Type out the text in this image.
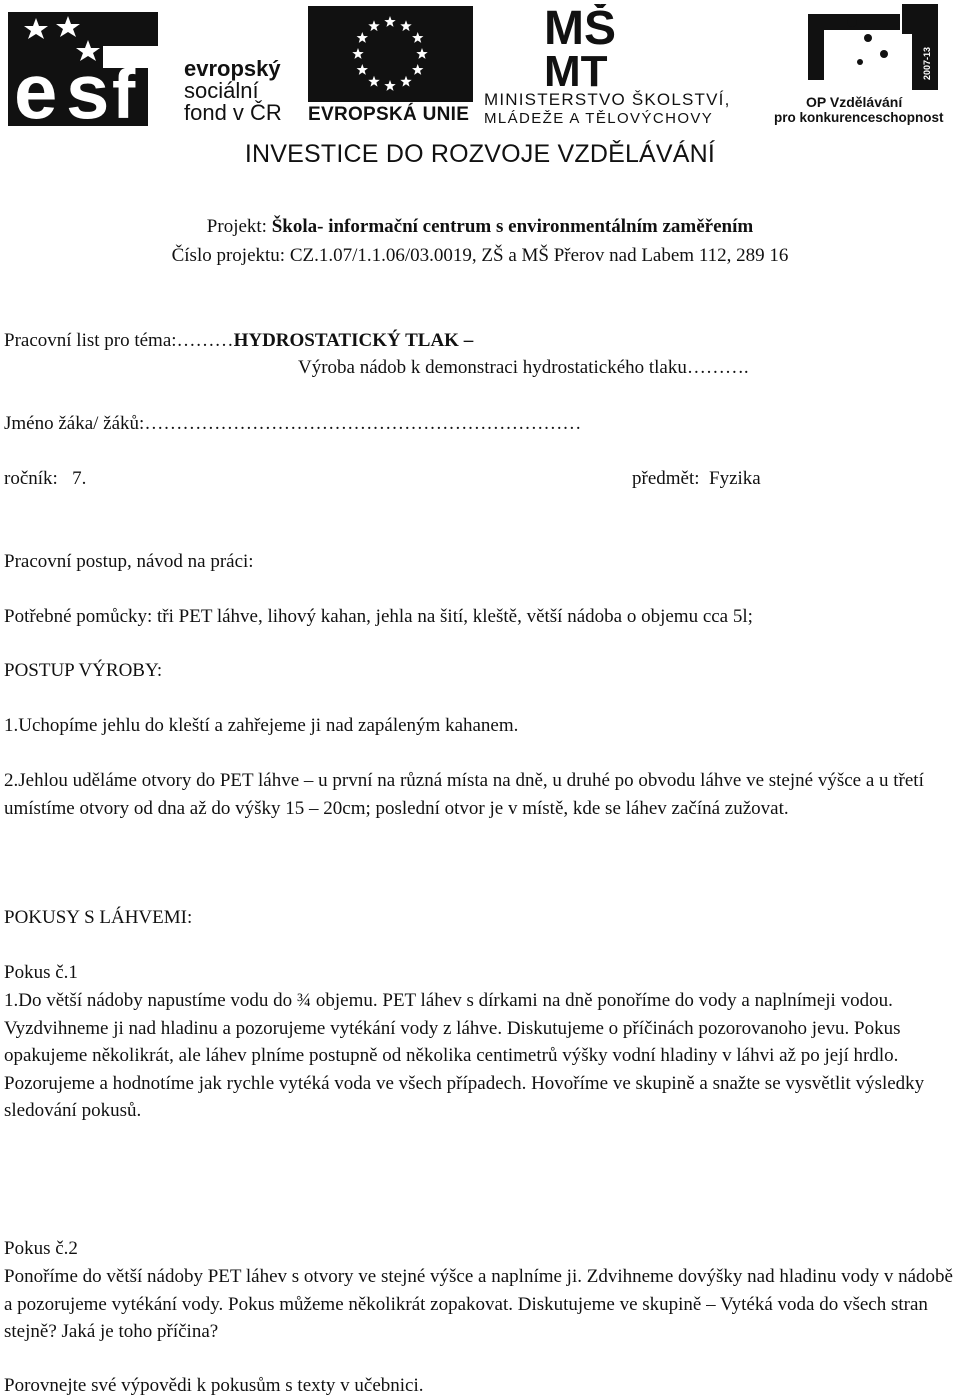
e s f evropský
sociální
fond v ČR EVROPSKÁ UNIE
MŠ
MT
MINISTERSTVO ŠKOLSTVÍ,
MLÁDEŽE A TĚLOVÝCHOVY
2007-13
OP Vzdělávání
pro konkurenceschopnost
INVESTICE DO ROZVOJE VZDĚLÁVÁNÍ
Projekt: Škola- informační centrum s environmentálním zaměřením
Číslo projektu: CZ.1.07/1.1.06/03.0019, ZŠ a MŠ Přerov nad Labem 112, 289 16
Pracovní list pro téma:………HYDROSTATICKÝ TLAK –
Výroba nádob k demonstraci hydrostatického tlaku……….
Jméno žáka/ žáků:……………………………………………………………
ročník: 7.	předmět: Fyzika
Pracovní postup, návod na práci:
Potřebné pomůcky: tři PET láhve, lihový kahan, jehla na šití, kleště, větší nádoba o objemu cca 5l;
POSTUP VÝROBY:
1.Uchopíme jehlu do kleští a zahřejeme ji nad zapáleným kahanem.
2.Jehlou uděláme otvory do PET láhve – u první na různá místa na dně, u druhé po obvodu láhve ve stejné výšce a u třetí umístíme otvory od dna až do výšky 15 – 20cm; poslední otvor je v místě, kde se láhev začíná zužovat.
POKUSY S LÁHVEMI:
Pokus č.1
1.Do větší nádoby napustíme vodu do ¾ objemu. PET láhev s dírkami na dně ponoříme do vody a naplnímeji vodou. Vyzdvihneme ji nad hladinu a pozorujeme vytékání vody z láhve. Diskutujeme o příčinách pozorovanoho jevu. Pokus opakujeme několikrát, ale láhev plníme postupně od několika centimetrů výšky vodní hladiny v láhvi až po její hrdlo. Pozorujeme a hodnotíme jak rychle vytéká voda ve všech případech. Hovoříme ve skupině a snažte se vysvětlit výsledky sledování pokusů.
Pokus č.2
Ponoříme do větší nádoby PET láhev s otvory ve stejné výšce a naplníme ji. Zdvihneme dovýšky nad hladinu vody v nádobě a pozorujeme vytékání vody. Pokus můžeme několikrát zopakovat. Diskutujeme ve skupině – Vytéká voda do všech stran stejně? Jaká je toho příčina?
Porovnejte své výpovědi k pokusům s texty v učebnici.
